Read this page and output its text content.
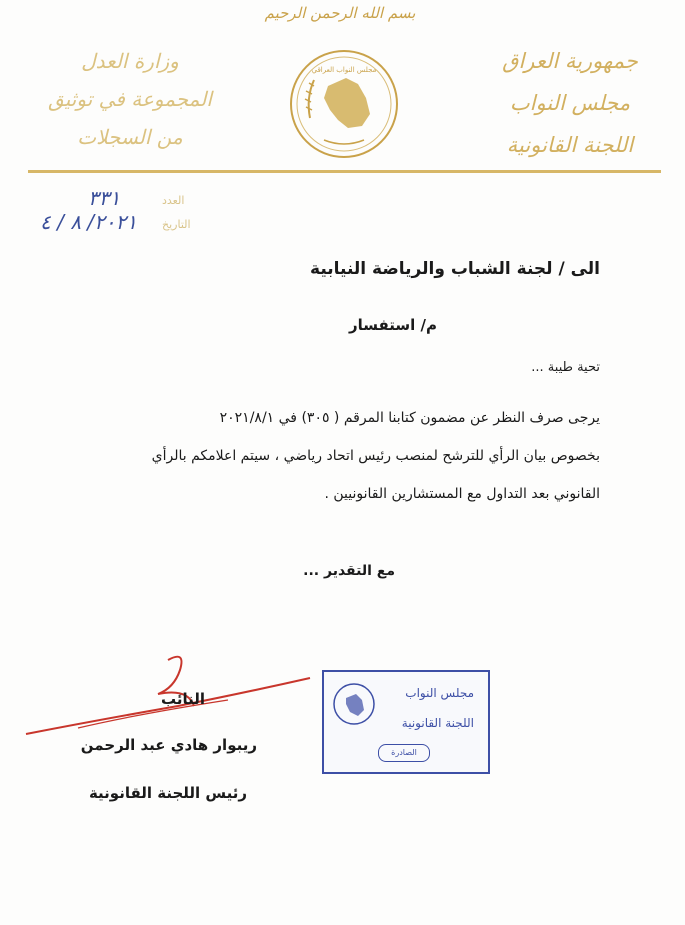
بسم الله الرحمن الرحيم
جمهورية العراق
مجلس النواب
اللجنة القانونية
وزارة العدل
المجموعة في توثيق
من السجلات
مجلس النواب العراقي
العدد
٣٣١
التاريخ
٢٠٢١/ ٨ / ٤
الى / لجنة الشباب والرياضة النيابية
م/ استفسار
تحية طيبة ...
يرجى صرف النظر عن مضمون كتابنا المرقم ( ٣٠٥) في ٢٠٢١/٨/١
بخصوص بيان الرأي للترشح لمنصب رئيس اتحاد رياضي ، سيتم اعلامكم بالرأي
القانوني بعد التداول مع المستشارين القانونيين .
مع التقدير ...
النائب
ريبوار هادي عبد الرحمن
رئيس اللجنة القانونية
مجلس النواب
اللجنة القانونية
الصادرة
